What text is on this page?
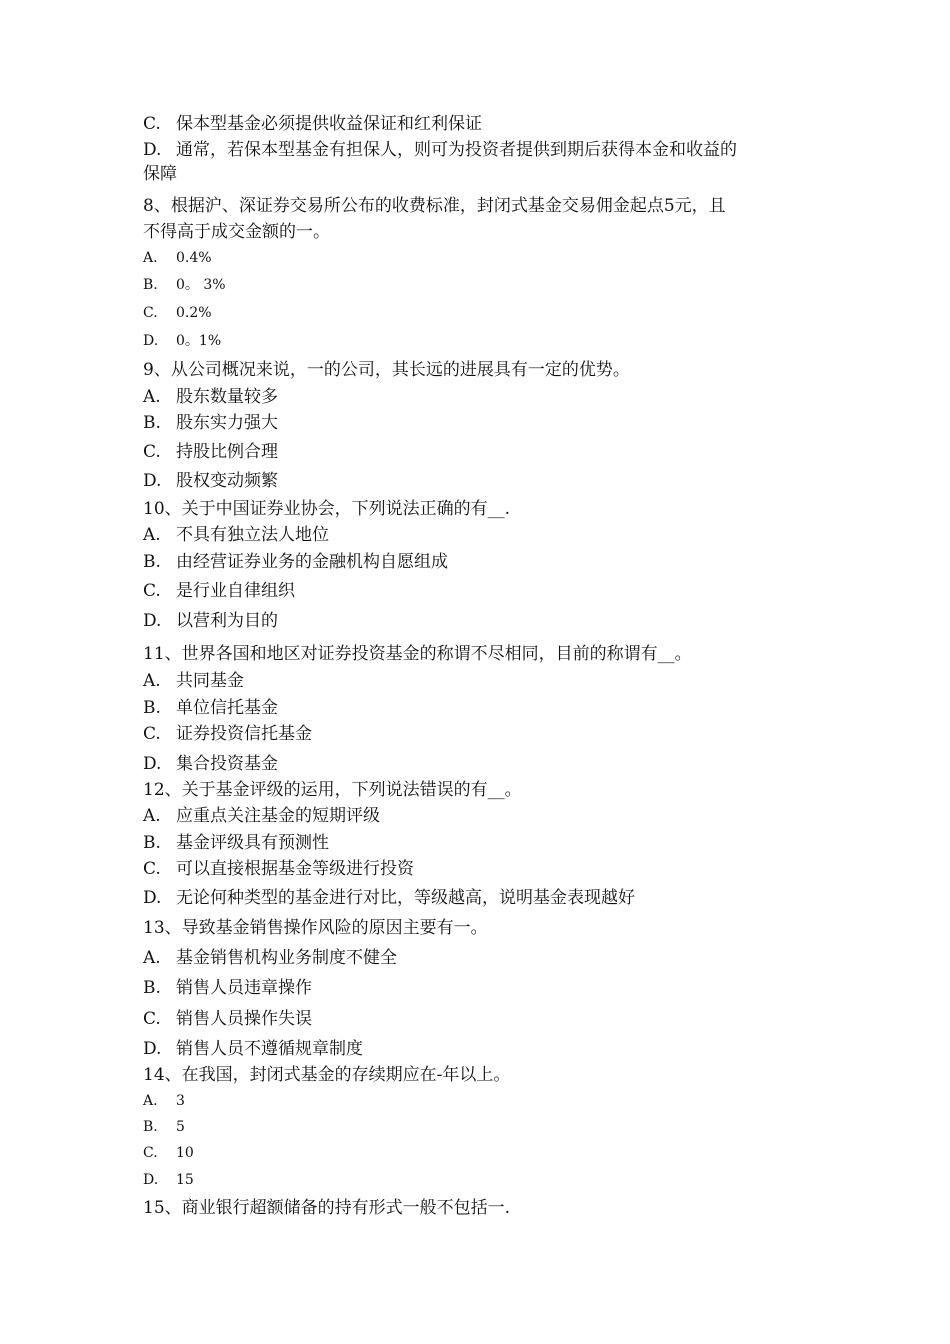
C. 保本型基金必须提供收益保证和红利保证
D. 通常，若保本型基金有担保人，则可为投资者提供到期后获得本金和收益的
保障
8、根据沪、深证券交易所公布的收费标准，封闭式基金交易佣金起点5元，且
不得高于成交金额的一。
A. 0.4%
B. 0。 3%
C. 0.2%
D. 0。1%
9、从公司概况来说，一的公司，其长远的进展具有一定的优势。
A. 股东数量较多
B. 股东实力强大
C. 持股比例合理
D. 股权变动频繁
10、关于中国证券业协会，下列说法正确的有__.
A. 不具有独立法人地位
B. 由经营证券业务的金融机构自愿组成
C. 是行业自律组织
D. 以营利为目的
11、世界各国和地区对证券投资基金的称谓不尽相同，目前的称谓有__。
A. 共同基金
B. 单位信托基金
C. 证券投资信托基金
D. 集合投资基金
12、关于基金评级的运用，下列说法错误的有__。
A. 应重点关注基金的短期评级
B. 基金评级具有预测性
C. 可以直接根据基金等级进行投资
D. 无论何种类型的基金进行对比，等级越高，说明基金表现越好
13、导致基金销售操作风险的原因主要有一。
A. 基金销售机构业务制度不健全
B. 销售人员违章操作
C. 销售人员操作失误
D. 销售人员不遵循规章制度
14、在我国，封闭式基金的存续期应在-年以上。
A. 3
B. 5
C. 10
D. 15
15、商业银行超额储备的持有形式一般不包括一.
